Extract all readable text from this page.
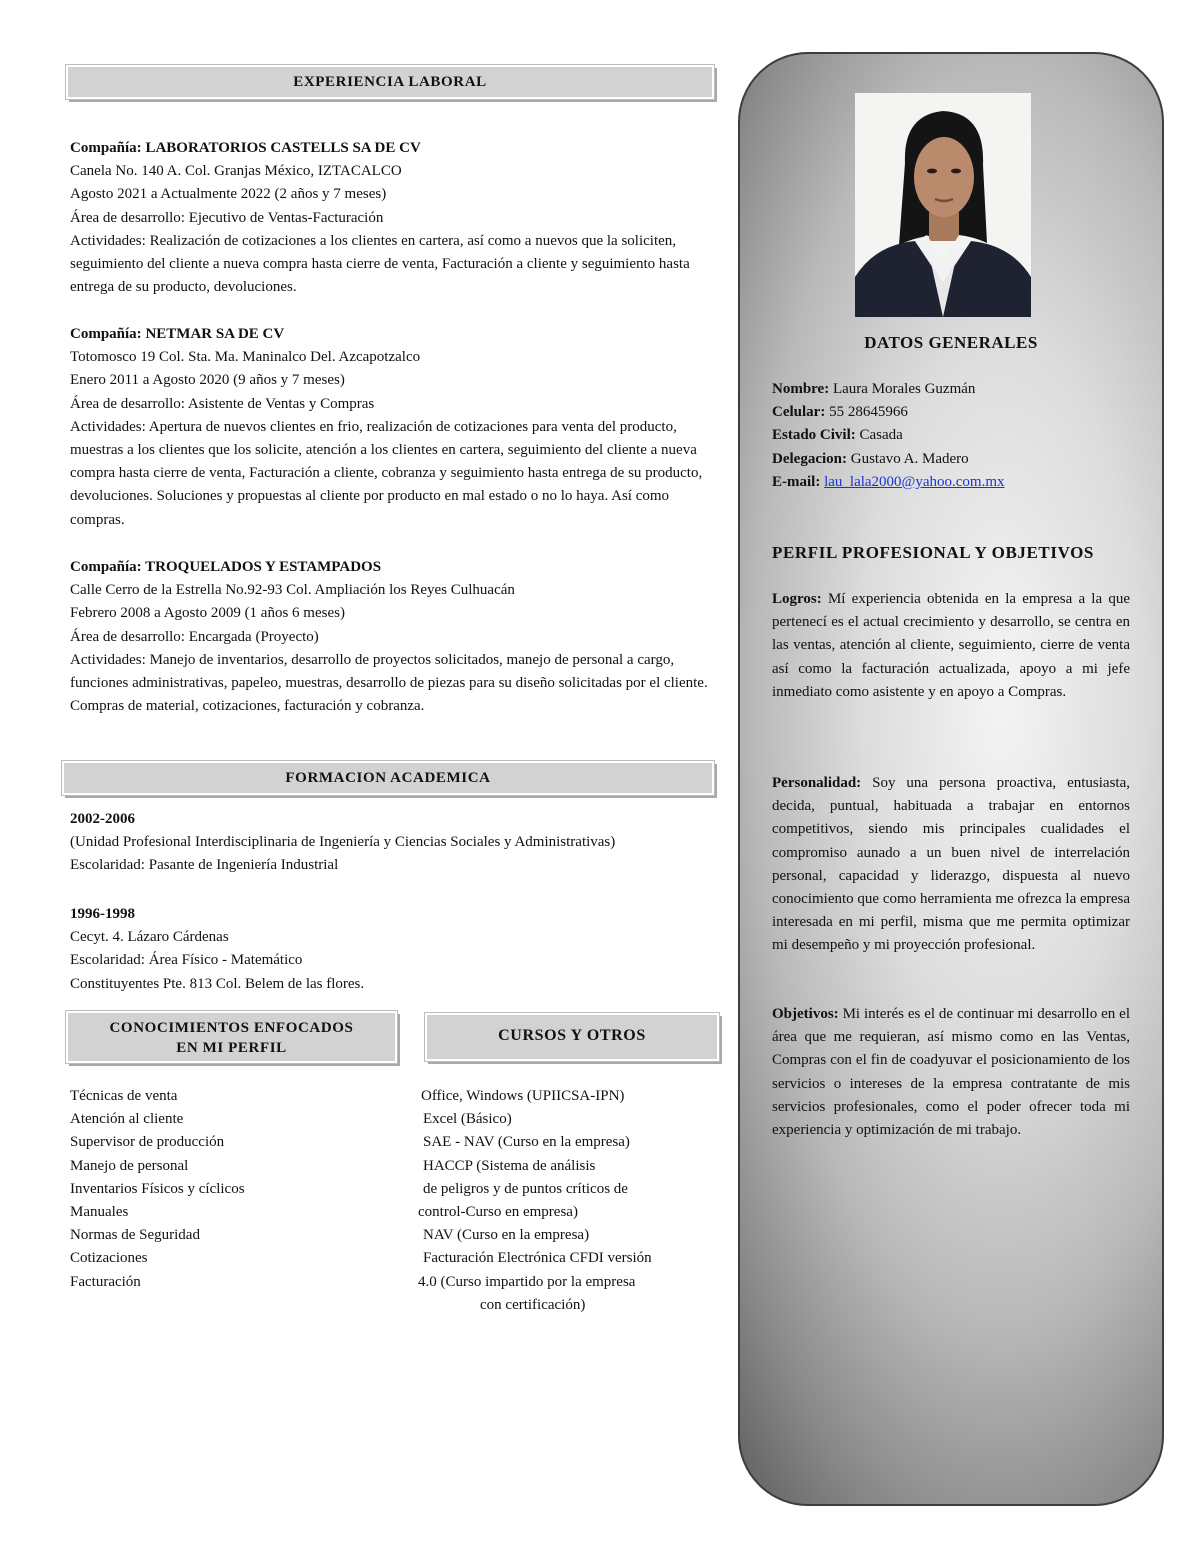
EXPERIENCIA LABORAL
Compañía: LABORATORIOS CASTELLS SA DE CV
Canela No. 140 A. Col. Granjas México, IZTACALCO
Agosto 2021 a Actualmente 2022 (2 años y 7 meses)
Área de desarrollo: Ejecutivo de Ventas-Facturación
Actividades: Realización de cotizaciones a los clientes en cartera, así como a nuevos que la soliciten, seguimiento del cliente a nueva compra hasta cierre de venta, Facturación a cliente y seguimiento hasta entrega de su producto, devoluciones.
Compañía: NETMAR SA DE CV
Totomosco 19 Col. Sta. Ma. Maninalco Del. Azcapotzalco
Enero 2011 a Agosto 2020 (9 años y 7 meses)
Área de desarrollo: Asistente de Ventas y Compras
Actividades: Apertura de nuevos clientes en frio, realización de cotizaciones para venta del producto, muestras a los clientes que los solicite, atención a los clientes en cartera, seguimiento del cliente a nueva compra hasta cierre de venta, Facturación a cliente, cobranza y seguimiento hasta entrega de su producto, devoluciones. Soluciones y propuestas al cliente por producto en mal estado o no lo haya. Así como compras.
Compañía: TROQUELADOS Y ESTAMPADOS
Calle Cerro de la Estrella No.92-93 Col. Ampliación los Reyes Culhuacán
Febrero 2008 a Agosto 2009 (1 años 6 meses)
Área de desarrollo: Encargada (Proyecto)
Actividades: Manejo de inventarios, desarrollo de proyectos solicitados, manejo de personal a cargo, funciones administrativas, papeleo, muestras, desarrollo de piezas para su diseño solicitadas por el cliente. Compras de material, cotizaciones, facturación y cobranza.
FORMACION ACADEMICA
2002-2006
(Unidad Profesional Interdisciplinaria de Ingeniería y Ciencias Sociales y Administrativas)
Escolaridad: Pasante de Ingeniería Industrial
1996-1998
Cecyt. 4. Lázaro Cárdenas
Escolaridad: Área Físico - Matemático
Constituyentes Pte. 813 Col. Belem de las flores.
CONOCIMIENTOS ENFOCADOS
EN MI PERFIL
CURSOS Y OTROS
Técnicas de venta
Atención al cliente
Supervisor de producción
Manejo de personal
Inventarios Físicos y cíclicos
Manuales
Normas de Seguridad
Cotizaciones
Facturación
Office, Windows (UPIICSA-IPN)
Excel (Básico)
SAE - NAV (Curso en la empresa)
HACCP (Sistema de análisis
de peligros y de puntos críticos de
control-Curso en empresa)
NAV (Curso en la empresa)
Facturación Electrónica CFDI versión
4.0 (Curso impartido por la empresa
con certificación)
DATOS GENERALES
Nombre: Laura Morales Guzmán
Celular: 55 28645966
Estado Civil: Casada
Delegacion: Gustavo A. Madero
E-mail: lau_lala2000@yahoo.com.mx
PERFIL PROFESIONAL Y OBJETIVOS
Logros: Mí experiencia obtenida en la empresa a la que pertenecí es el actual crecimiento y desarrollo, se centra en las ventas, atención al cliente, seguimiento, cierre de venta así como la facturación actualizada, apoyo a mi jefe inmediato como asistente y en apoyo a Compras.
Personalidad: Soy una persona proactiva, entusiasta, decida, puntual, habituada a trabajar en entornos competitivos, siendo mis principales cualidades el compromiso aunado a un buen nivel de interrelación personal, capacidad y liderazgo, dispuesta al nuevo conocimiento que como herramienta me ofrezca la empresa interesada en mi perfil, misma que me permita optimizar mi desempeño y mi proyección profesional.
Objetivos: Mi interés es el de continuar mi desarrollo en el área que me requieran, así mismo como en las Ventas, Compras con el fin de coadyuvar el posicionamiento de los servicios o intereses de la empresa contratante de mis servicios profesionales, como el poder ofrecer toda mi experiencia y optimización de mi trabajo.
